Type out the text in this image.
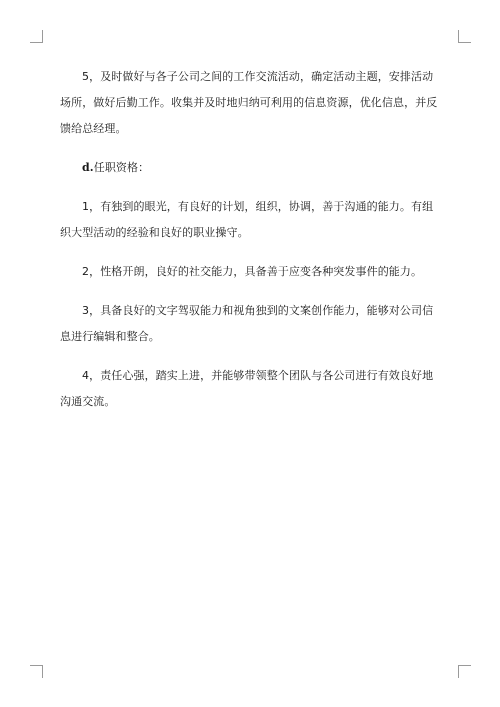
5，及时做好与各子公司之间的工作交流活动，确定活动主题，安排活动场所，做好后勤工作。收集并及时地归纳可利用的信息资源，优化信息，并反馈给总经理。

d.任职资格：

1，有独到的眼光，有良好的计划，组织，协调，善于沟通的能力。有组织大型活动的经验和良好的职业操守。

2，性格开朗，良好的社交能力，具备善于应变各种突发事件的能力。

3，具备良好的文字驾驭能力和视角独到的文案创作能力，能够对公司信息进行编辑和整合。

4，责任心强，踏实上进，并能够带领整个团队与各公司进行有效良好地沟通交流。
